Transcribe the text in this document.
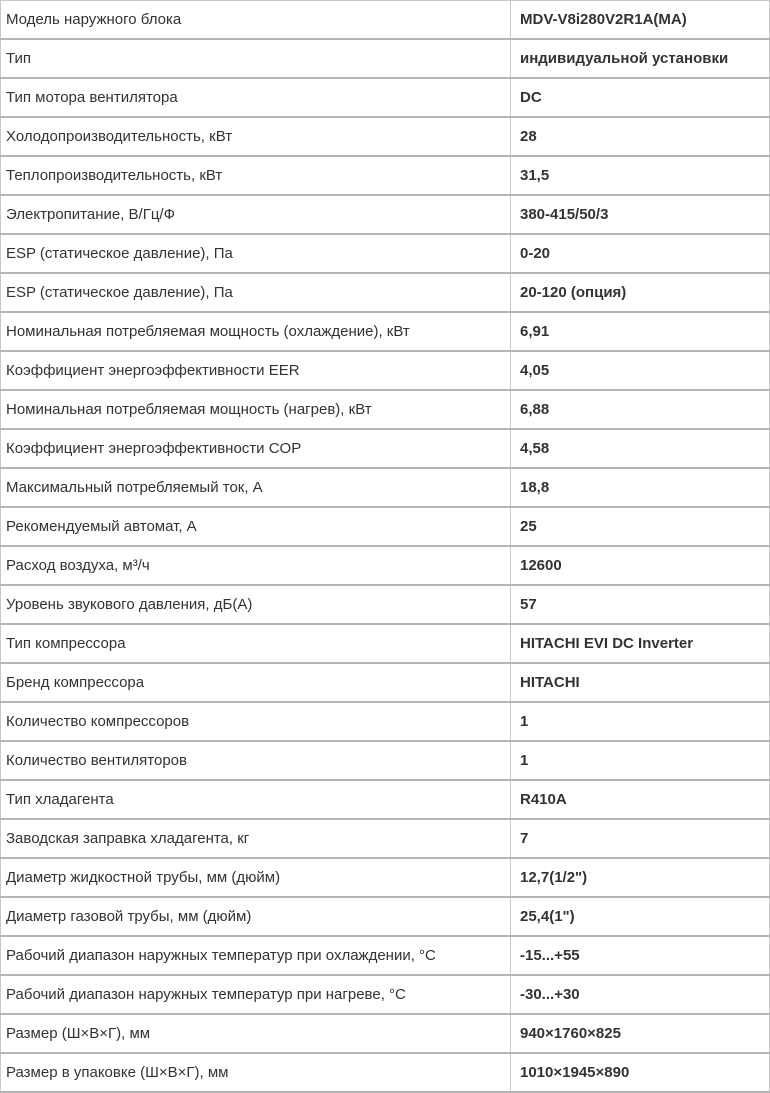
Модель наружного блока	MDV-V8i280V2R1A(MA)
Тип	индивидуальной установки
Тип мотора вентилятора	DC
Холодопроизводительность, кВт	28
Теплопроизводительность, кВт	31,5
Электропитание, В/Гц/Ф	380-415/50/3
ESP (статическое давление), Па	0-20
ESP (статическое давление), Па	20-120 (опция)
Номинальная потребляемая мощность (охлаждение), кВт	6,91
Коэффициент энергоэффективности EER	4,05
Номинальная потребляемая мощность (нагрев), кВт	6,88
Коэффициент энергоэффективности COP	4,58
Максимальный потребляемый ток, А	18,8
Рекомендуемый автомат, А	25
Расход воздуха, м³/ч	12600
Уровень звукового давления, дБ(А)	57
Тип компрессора	HITACHI EVI DC Inverter
Бренд компрессора	HITACHI
Количество компрессоров	1
Количество вентиляторов	1
Тип хладагента	R410A
Заводская заправка хладагента, кг	7
Диаметр жидкостной трубы, мм (дюйм)	12,7(1/2")
Диаметр газовой трубы, мм (дюйм)	25,4(1")
Рабочий диапазон наружных температур при охлаждении, °С	-15...+55
Рабочий диапазон наружных температур при нагреве, °С	-30...+30
Размер (Ш×В×Г), мм	940×1760×825
Размер в упаковке (Ш×В×Г), мм	1010×1945×890
